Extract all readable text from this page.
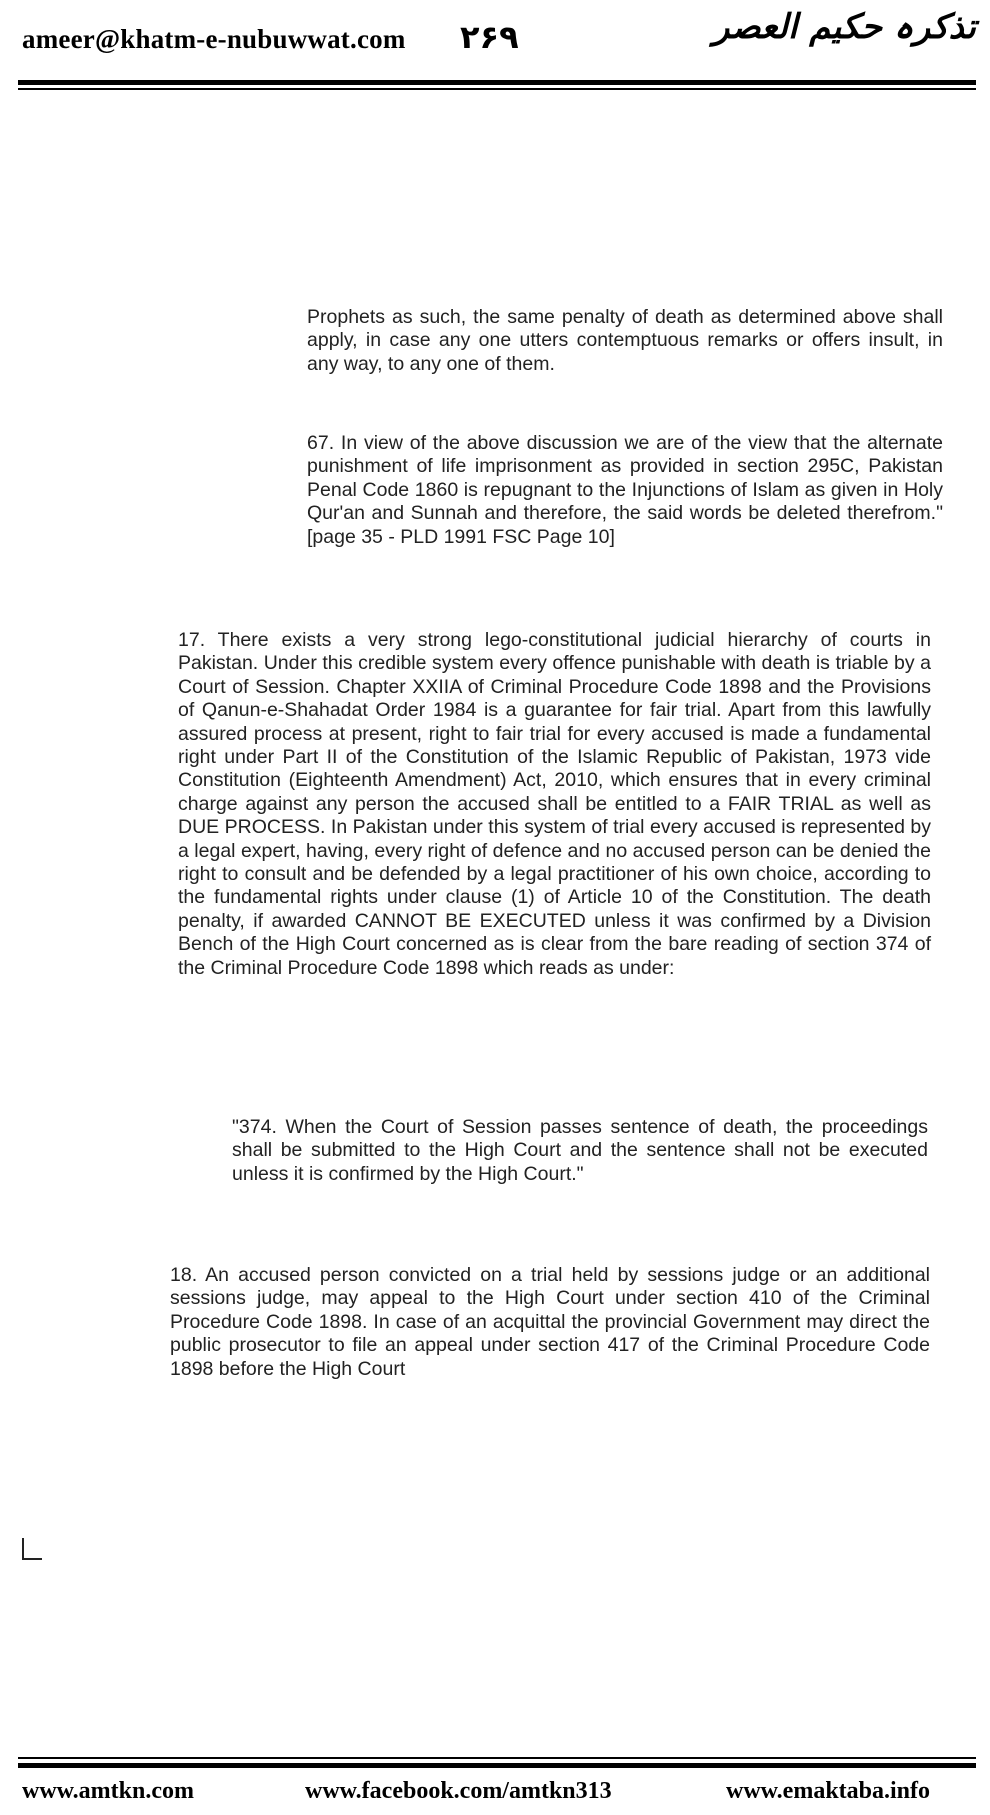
ameer@khatm-e-nubuwwat.com ۲۶۹	تذکرہ حکیم العصر

Prophets as such, the same penalty of death as determined above shall apply, in case any one utters contemptuous remarks or offers insult, in any way, to any one of them.

67. In view of the above discussion we are of the view that the alternate punishment of life imprisonment as provided in section 295C, Pakistan Penal Code 1860 is repugnant to the Injunctions of Islam as given in Holy Qur'an and Sunnah and therefore, the said words be deleted therefrom." [page 35 - PLD 1991 FSC Page 10]

17. There exists a very strong lego-constitutional judicial hierarchy of courts in Pakistan. Under this credible system every offence punishable with death is triable by a Court of Session. Chapter XXIIA of Criminal Procedure Code 1898 and the Provisions of Qanun-e-Shahadat Order 1984 is a guarantee for fair trial. Apart from this lawfully assured process at present, right to fair trial for every accused is made a fundamental right under Part II of the Constitution of the Islamic Republic of Pakistan, 1973 vide Constitution (Eighteenth Amendment) Act, 2010, which ensures that in every criminal charge against any person the accused shall be entitled to a FAIR TRIAL as well as DUE PROCESS. In Pakistan under this system of trial every accused is represented by a legal expert, having, every right of defence and no accused person can be denied the right to consult and be defended by a legal practitioner of his own choice, according to the fundamental rights under clause (1) of Article 10 of the Constitution. The death penalty, if awarded CANNOT BE EXECUTED unless it was confirmed by a Division Bench of the High Court concerned as is clear from the bare reading of section 374 of the Criminal Procedure Code 1898 which reads as under:

"374. When the Court of Session passes sentence of death, the proceedings shall be submitted to the High Court and the sentence shall not be executed unless it is confirmed by the High Court."

18. An accused person convicted on a trial held by sessions judge or an additional sessions judge, may appeal to the High Court under section 410 of the Criminal Procedure Code 1898. In case of an acquittal the provincial Government may direct the public prosecutor to file an appeal under section 417 of the Criminal Procedure Code 1898 before the High Court

www.amtkn.com	www.facebook.com/amtkn313	www.emaktaba.info
